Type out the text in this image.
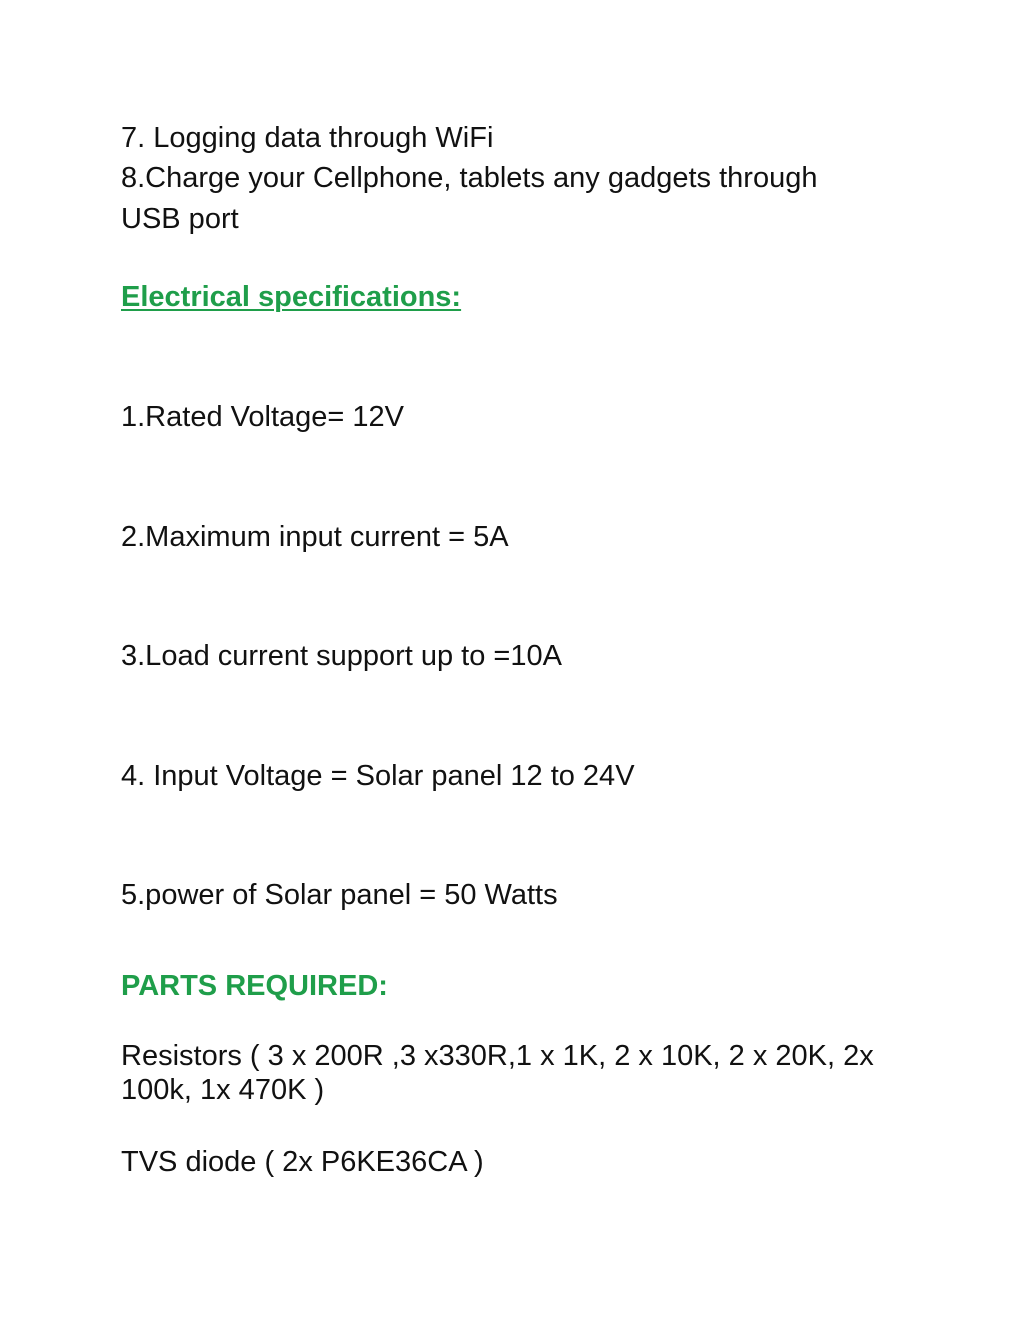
7. Logging data through WiFi
8.Charge your Cellphone, tablets any gadgets through
USB port
Electrical specifications:
1.Rated Voltage= 12V
2.Maximum input current = 5A
3.Load current support up to =10A
4. Input Voltage = Solar panel 12 to 24V
5.power of Solar panel = 50 Watts
PARTS REQUIRED:
Resistors ( 3 x 200R ,3 x330R,1 x 1K, 2 x 10K, 2 x 20K, 2x
100k, 1x 470K )
TVS diode ( 2x P6KE36CA )
